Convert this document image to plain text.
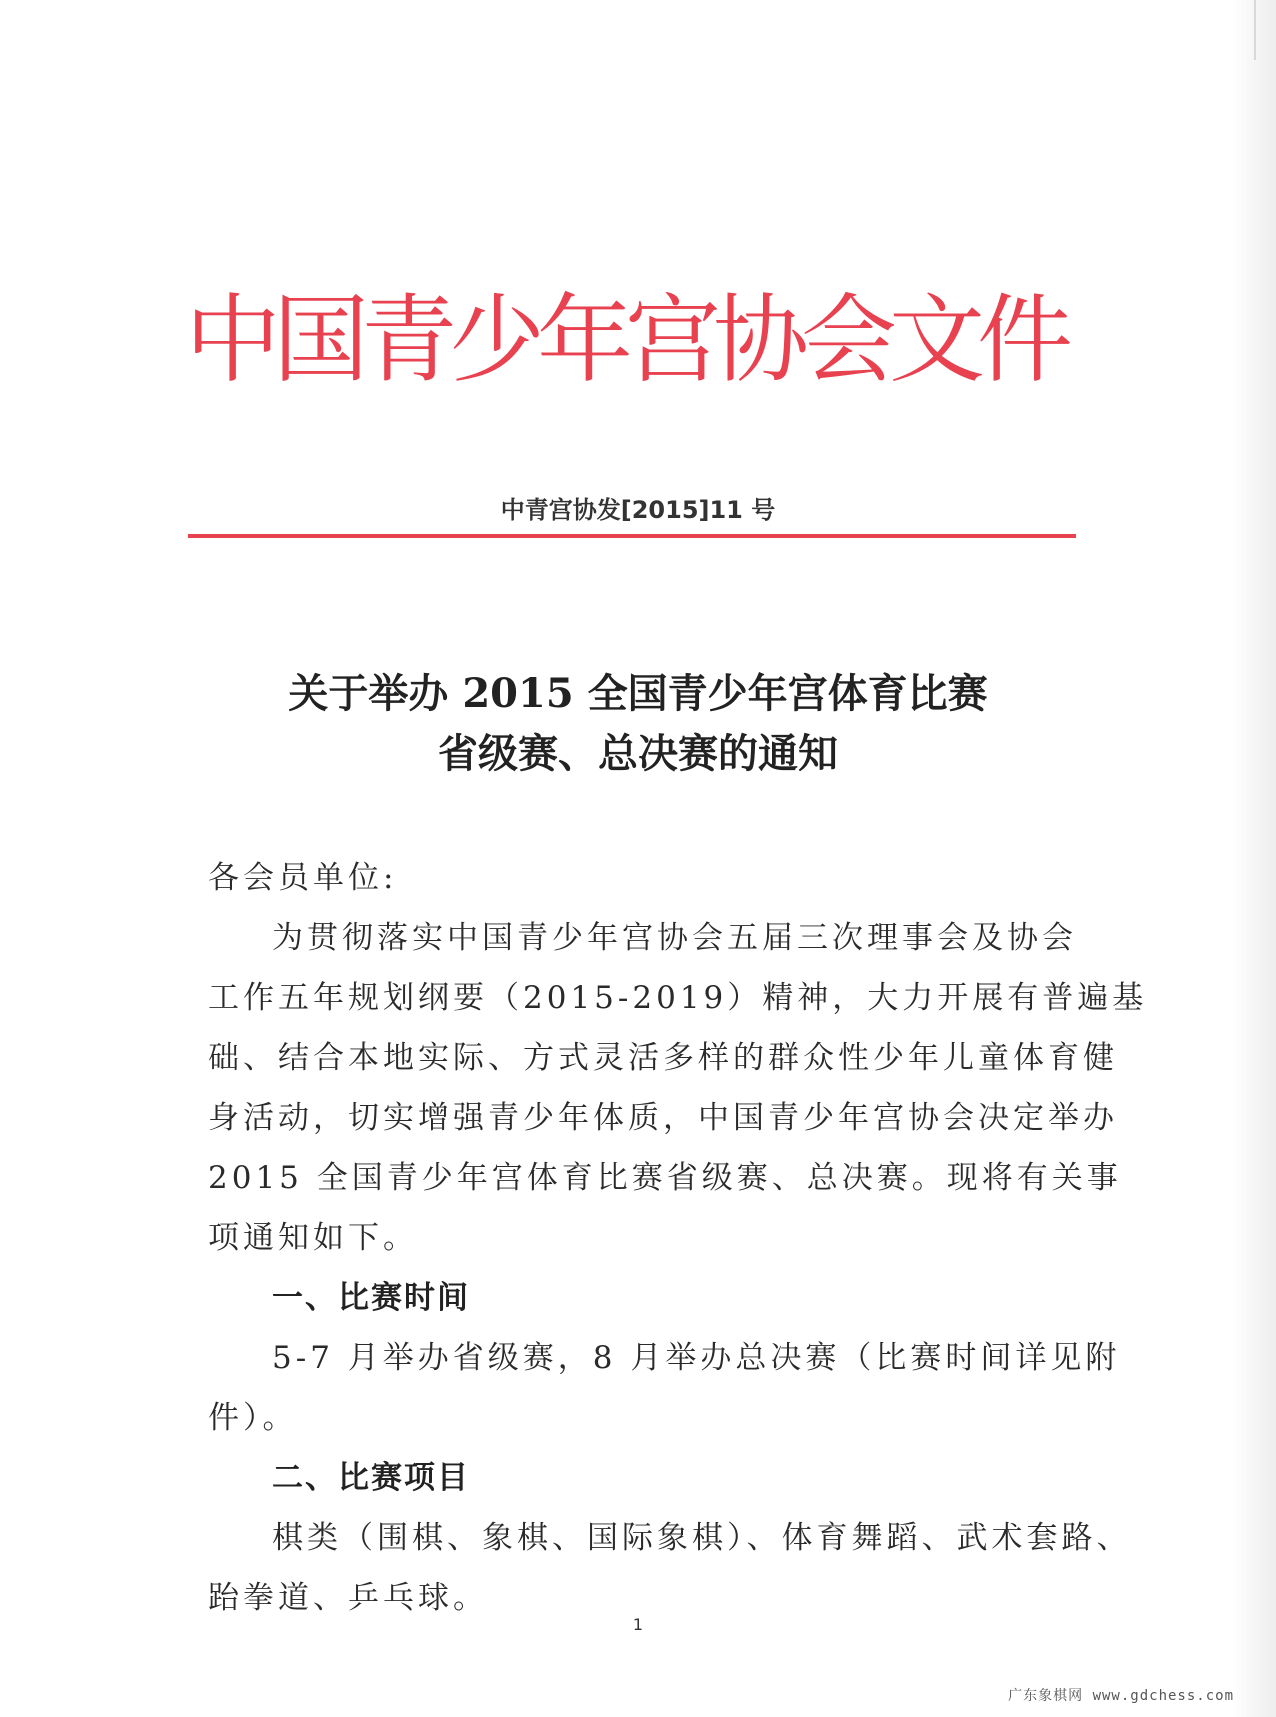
中
国
青
少
年
宫
协
会
文
件
中青宫协发[2015]11 号
关于举办 2015 全国青少年宫体育比赛
省级赛、总决赛的通知
各会员单位:
为贯彻落实中国青少年宫协会五届三次理事会及协会
工作五年规划纲要（2015-2019）精神，大力开展有普遍基
础、结合本地实际、方式灵活多样的群众性少年儿童体育健
身活动，切实增强青少年体质，中国青少年宫协会决定举办
2015 全国青少年宫体育比赛省级赛、总决赛。现将有关事
项通知如下。
一、比赛时间
5-7 月举办省级赛，8 月举办总决赛（比赛时间详见附
件）。
二、比赛项目
棋类（围棋、象棋、国际象棋）、体育舞蹈、武术套路、
跆拳道、乒乓球。
1
广东象棋网 www.gdchess.com
